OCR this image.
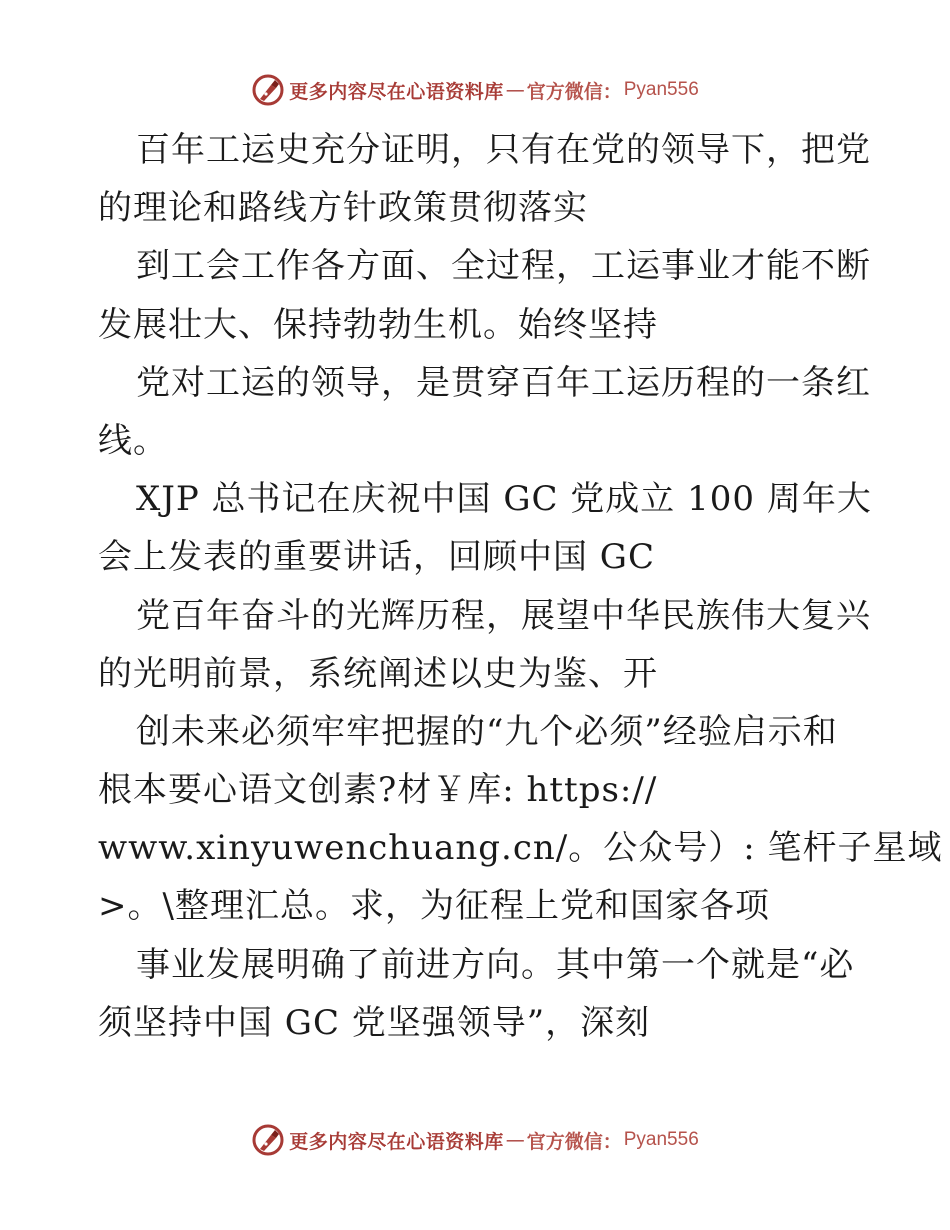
更多内容尽在心语资料库 — 官方微信： Pyan556
百年工运史充分证明，只有在党的领导下，把党
的理论和路线方针政策贯彻落实
到工会工作各方面、全过程，工运事业才能不断
发展壮大、保持勃勃生机。始终坚持
党对工运的领导，是贯穿百年工运历程的一条红
线。
XJP 总书记在庆祝中国 GC 党成立 100 周年大
会上发表的重要讲话，回顾中国 GC
党百年奋斗的光辉历程，展望中华民族伟大复兴
的光明前景，系统阐述以史为鉴、开
创未来必须牢牢把握的“九个必须”经验启示和
根本要心语文创素?材￥库: https://
www.xinyuwenchuang.cn/。公众号）: 笔杆子星域
>。\整理汇总。求，为征程上党和国家各项
事业发展明确了前进方向。其中第一个就是“必
须坚持中国 GC 党坚强领导”，深刻
更多内容尽在心语资料库 — 官方微信： Pyan556
